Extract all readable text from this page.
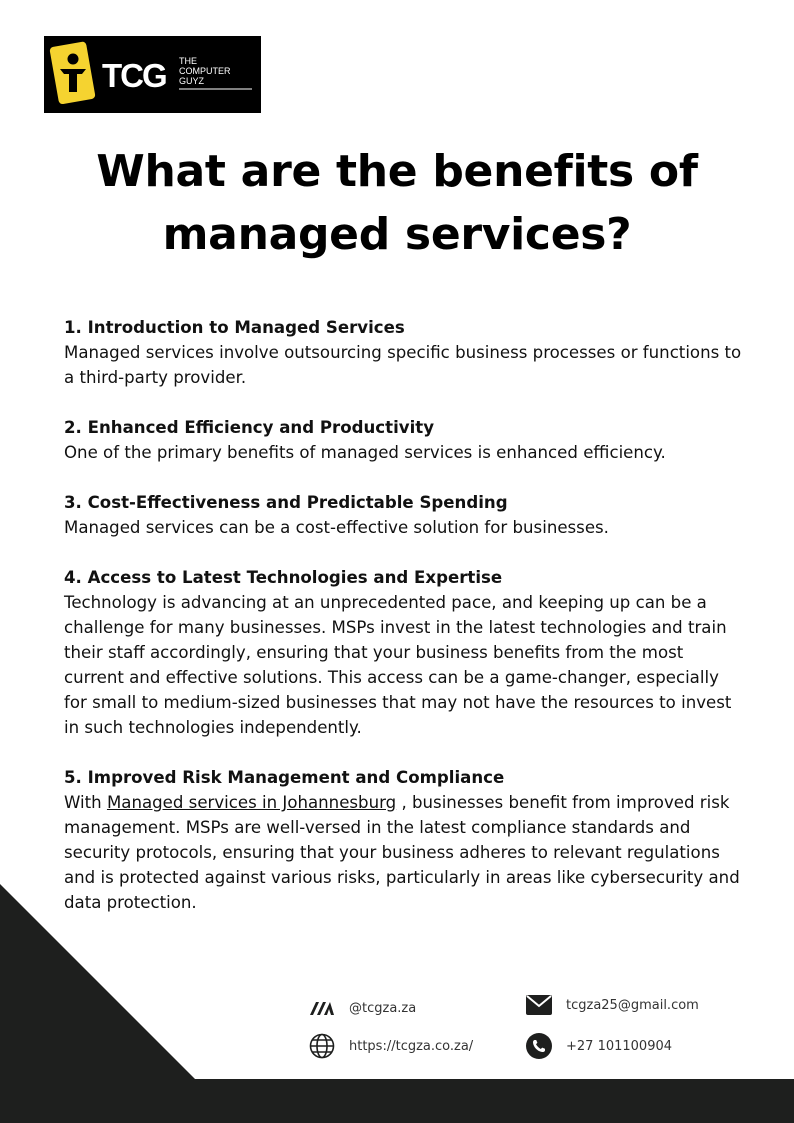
TCG THE
COMPUTER
GUYZ
What are the benefits of
managed services?
1. Introduction to Managed Services
Managed services involve outsourcing specific business processes or functions to a third-party provider.
2. Enhanced Efficiency and Productivity
One of the primary benefits of managed services is enhanced efficiency.
3. Cost-Effectiveness and Predictable Spending
Managed services can be a cost-effective solution for businesses.
4. Access to Latest Technologies and Expertise
Technology is advancing at an unprecedented pace, and keeping up can be a challenge for many businesses. MSPs invest in the latest technologies and train their staff accordingly, ensuring that your business benefits from the most current and effective solutions. This access can be a game-changer, especially for small to medium-sized businesses that may not have the resources to invest in such technologies independently.
5. Improved Risk Management and Compliance
With Managed services in Johannesburg , businesses benefit from improved risk management. MSPs are well-versed in the latest compliance standards and security protocols, ensuring that your business adheres to relevant regulations and is protected against various risks, particularly in areas like cybersecurity and data protection.
@tcgza.za
https://tcgza.co.za/
tcgza25@gmail.com
+27 101100904
